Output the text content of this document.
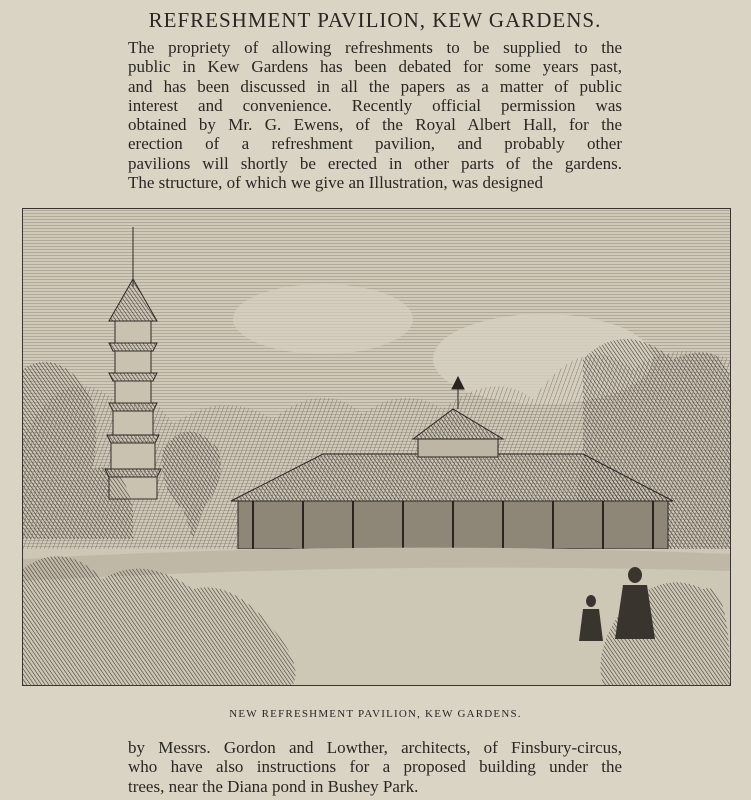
REFRESHMENT PAVILION, KEW GARDENS.
The propriety of allowing refreshments to be supplied to the
public in Kew Gardens has been debated for some years past,
and has been discussed in all the papers as a matter of public
interest and convenience. Recently official permission was
obtained by Mr. G. Ewens, of the Royal Albert Hall, for the
erection of a refreshment pavilion, and probably other
pavilions will shortly be erected in other parts of the gardens.
The structure, of which we give an Illustration, was designed
NEW REFRESHMENT PAVILION, KEW GARDENS.
by Messrs. Gordon and Lowther, architects, of Finsbury-circus,
who have also instructions for a proposed building under the
trees, near the Diana pond in Bushey Park.
